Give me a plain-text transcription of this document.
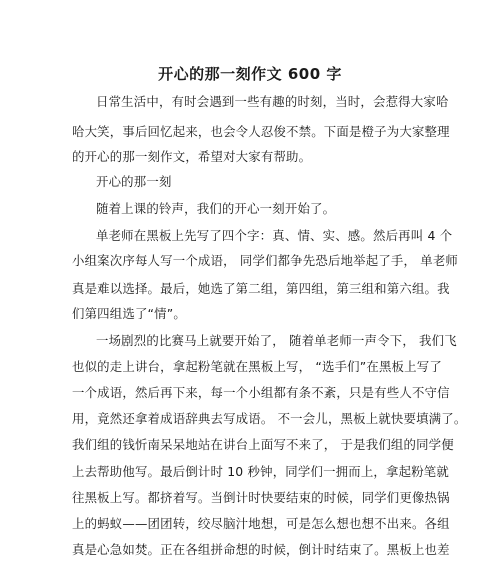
开心的那一刻作文 600 字
日常生活中，有时会遇到一些有趣的时刻，当时，会惹得大家哈
哈大笑，事后回忆起来，也会令人忍俊不禁。下面是橙子为大家整理
的开心的那一刻作文，希望对大家有帮助。
开心的那一刻
随着上课的铃声，我们的开心一刻开始了。
单老师在黑板上先写了四个字：真、情、实、感。然后再叫 4 个
小组案次序每人写一个成语， 同学们都争先恐后地举起了手， 单老师
真是难以选择。最后，她选了第二组，第四组，第三组和第六组。我
们第四组选了“情”。
一场剧烈的比赛马上就要开始了， 随着单老师一声令下， 我们飞
也似的走上讲台，拿起粉笔就在黑板上写， “选手们”在黑板上写了
一个成语，然后再下来，每一个小组都有条不紊，只是有些人不守信
用，竟然还拿着成语辞典去写成语。 不一会儿，黑板上就快要填满了。
我们组的钱忻南呆呆地站在讲台上面写不来了， 于是我们组的同学便
上去帮助他写。最后倒计时 10 秒钟，同学们一拥而上，拿起粉笔就
往黑板上写。都挤着写。当倒计时快要结束的时候，同学们更像热锅
上的蚂蚁——团团转，绞尽脑汁地想，可是怎么想也想不出来。各组
真是心急如焚。正在各组拼命想的时候，倒计时结束了。黑板上也差
